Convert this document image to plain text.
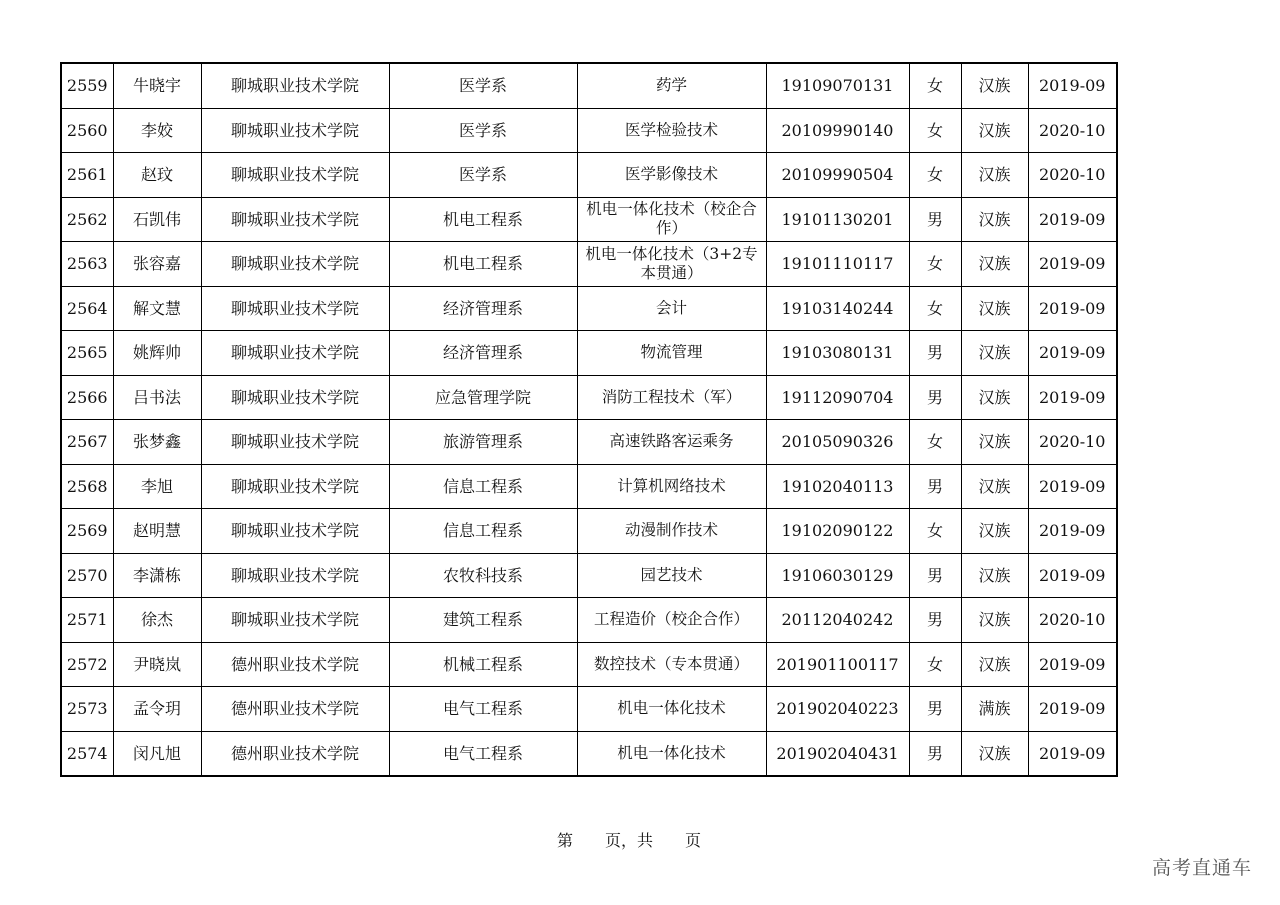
2559	牛晓宇	聊城职业技术学院	医学系	药学	19109070131	女	汉族	2019-09
2560	李姣	聊城职业技术学院	医学系	医学检验技术	20109990140	女	汉族	2020-10
2561	赵玟	聊城职业技术学院	医学系	医学影像技术	20109990504	女	汉族	2020-10
2562	石凯伟	聊城职业技术学院	机电工程系	机电一体化技术（校企合作）	19101130201	男	汉族	2019-09
2563	张容嘉	聊城职业技术学院	机电工程系	机电一体化技术（3+2专本贯通）	19101110117	女	汉族	2019-09
2564	解文慧	聊城职业技术学院	经济管理系	会计	19103140244	女	汉族	2019-09
2565	姚辉帅	聊城职业技术学院	经济管理系	物流管理	19103080131	男	汉族	2019-09
2566	吕书法	聊城职业技术学院	应急管理学院	消防工程技术（军）	19112090704	男	汉族	2019-09
2567	张梦鑫	聊城职业技术学院	旅游管理系	高速铁路客运乘务	20105090326	女	汉族	2020-10
2568	李旭	聊城职业技术学院	信息工程系	计算机网络技术	19102040113	男	汉族	2019-09
2569	赵明慧	聊城职业技术学院	信息工程系	动漫制作技术	19102090122	女	汉族	2019-09
2570	李潇栋	聊城职业技术学院	农牧科技系	园艺技术	19106030129	男	汉族	2019-09
2571	徐杰	聊城职业技术学院	建筑工程系	工程造价（校企合作）	20112040242	男	汉族	2020-10
2572	尹晓岚	德州职业技术学院	机械工程系	数控技术（专本贯通）	201901100117	女	汉族	2019-09
2573	孟令玥	德州职业技术学院	电气工程系	机电一体化技术	201902040223	男	满族	2019-09
2574	闵凡旭	德州职业技术学院	电气工程系	机电一体化技术	201902040431	男	汉族	2019-09
第　　页，共　　页
高考直通车
